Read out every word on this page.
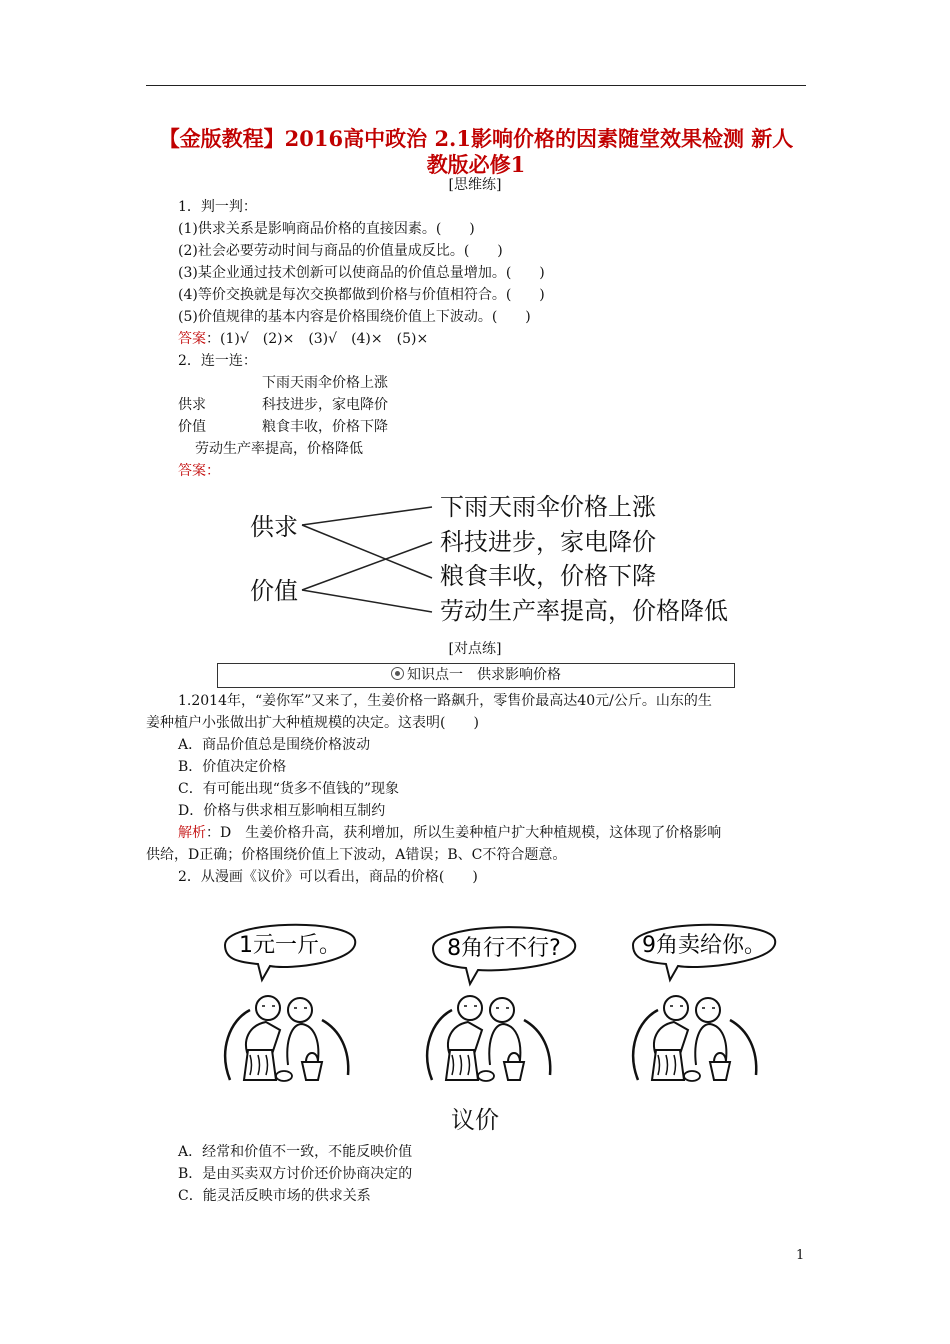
【金版教程】2016高中政治 2.1影响价格的因素随堂效果检测 新人
教版必修1
[思维练]
1．判一判：
(1)供求关系是影响商品价格的直接因素。(　　)
(2)社会必要劳动时间与商品的价值量成反比。(　　)
(3)某企业通过技术创新可以使商品的价值总量增加。(　　)
(4)等价交换就是每次交换都做到价格与价值相符合。(　　)
(5)价值规律的基本内容是价格围绕价值上下波动。(　　)
答案：(1)√　(2)×　(3)√　(4)×　(5)×
2．连一连：
下雨天雨伞价格上涨
供求	科技进步，家电降价
价值	粮食丰收，价格下降
劳动生产率提高，价格降低
答案：
供求
价值
下雨天雨伞价格上涨
科技进步，家电降价
粮食丰收，价格下降
劳动生产率提高，价格降低
[对点练]
知识点一　供求影响价格
1.2014年，“姜你军”又来了，生姜价格一路飙升，零售价最高达40元/公斤。山东的生
姜种植户小张做出扩大种植规模的决定。这表明(　　)
A．商品价值总是围绕价格波动
B．价值决定价格
C．有可能出现“货多不值钱的”现象
D．价格与供求相互影响相互制约
解析：D　生姜价格升高，获利增加，所以生姜种植户扩大种植规模，这体现了价格影响
供给，D正确；价格围绕价值上下波动，A错误；B、C不符合题意。
2．从漫画《议价》可以看出，商品的价格(　　)
1元一斤。	8角行不行?	9角卖给你。
议价
A．经常和价值不一致，不能反映价值
B．是由买卖双方讨价还价协商决定的
C．能灵活反映市场的供求关系
1
